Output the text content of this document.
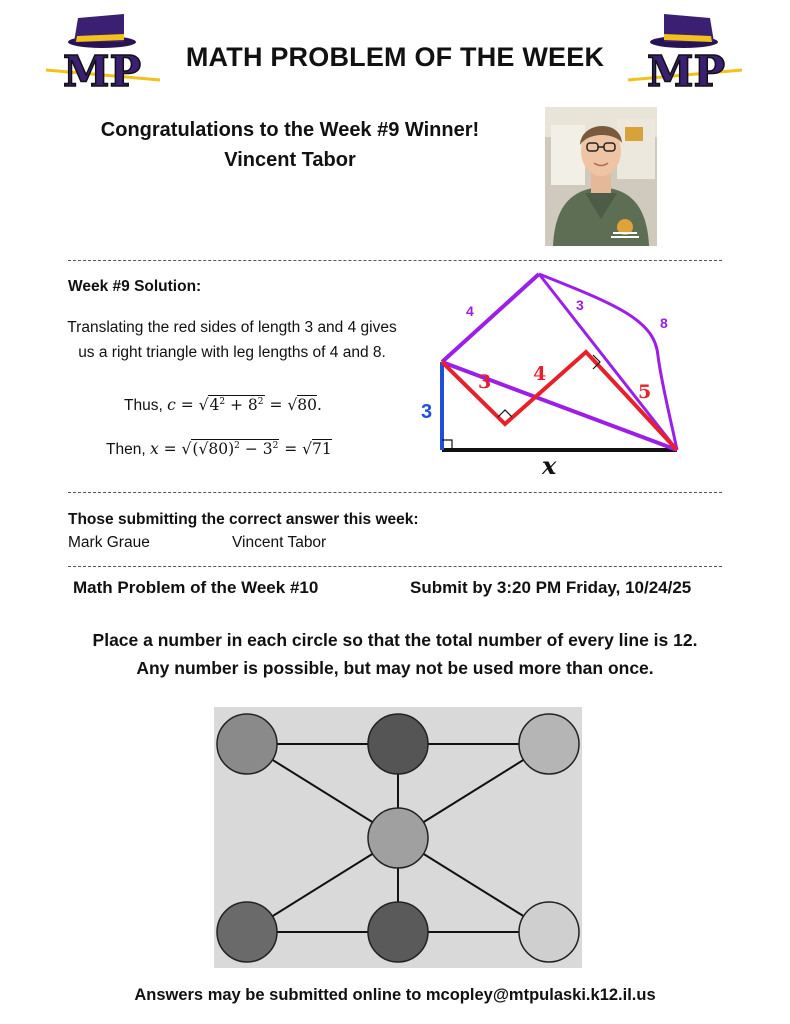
MP	MP
MATH PROBLEM OF THE WEEK
Congratulations to the Week #9 Winner!
Vincent Tabor
Week #9 Solution:
Translating the red sides of length 3 and 4 gives us a right triangle with leg lengths of 4 and 8.
Thus, $c = √4^2 + 8^2 = √80$.
Then, $x = √(√80)^2 - 3^2 = √71$
4	3
8
3 4
5
3
x
Those submitting the correct answer this week:
Mark Graue	Vincent Tabor
Math Problem of the Week #10	Submit by 3:20 PM Friday, 10/24/25
Place a number in each circle so that the total number of every line is 12.
Any number is possible, but may not be used more than once.
Answers may be submitted online to mcopley@mtpulaski.k12.il.us
